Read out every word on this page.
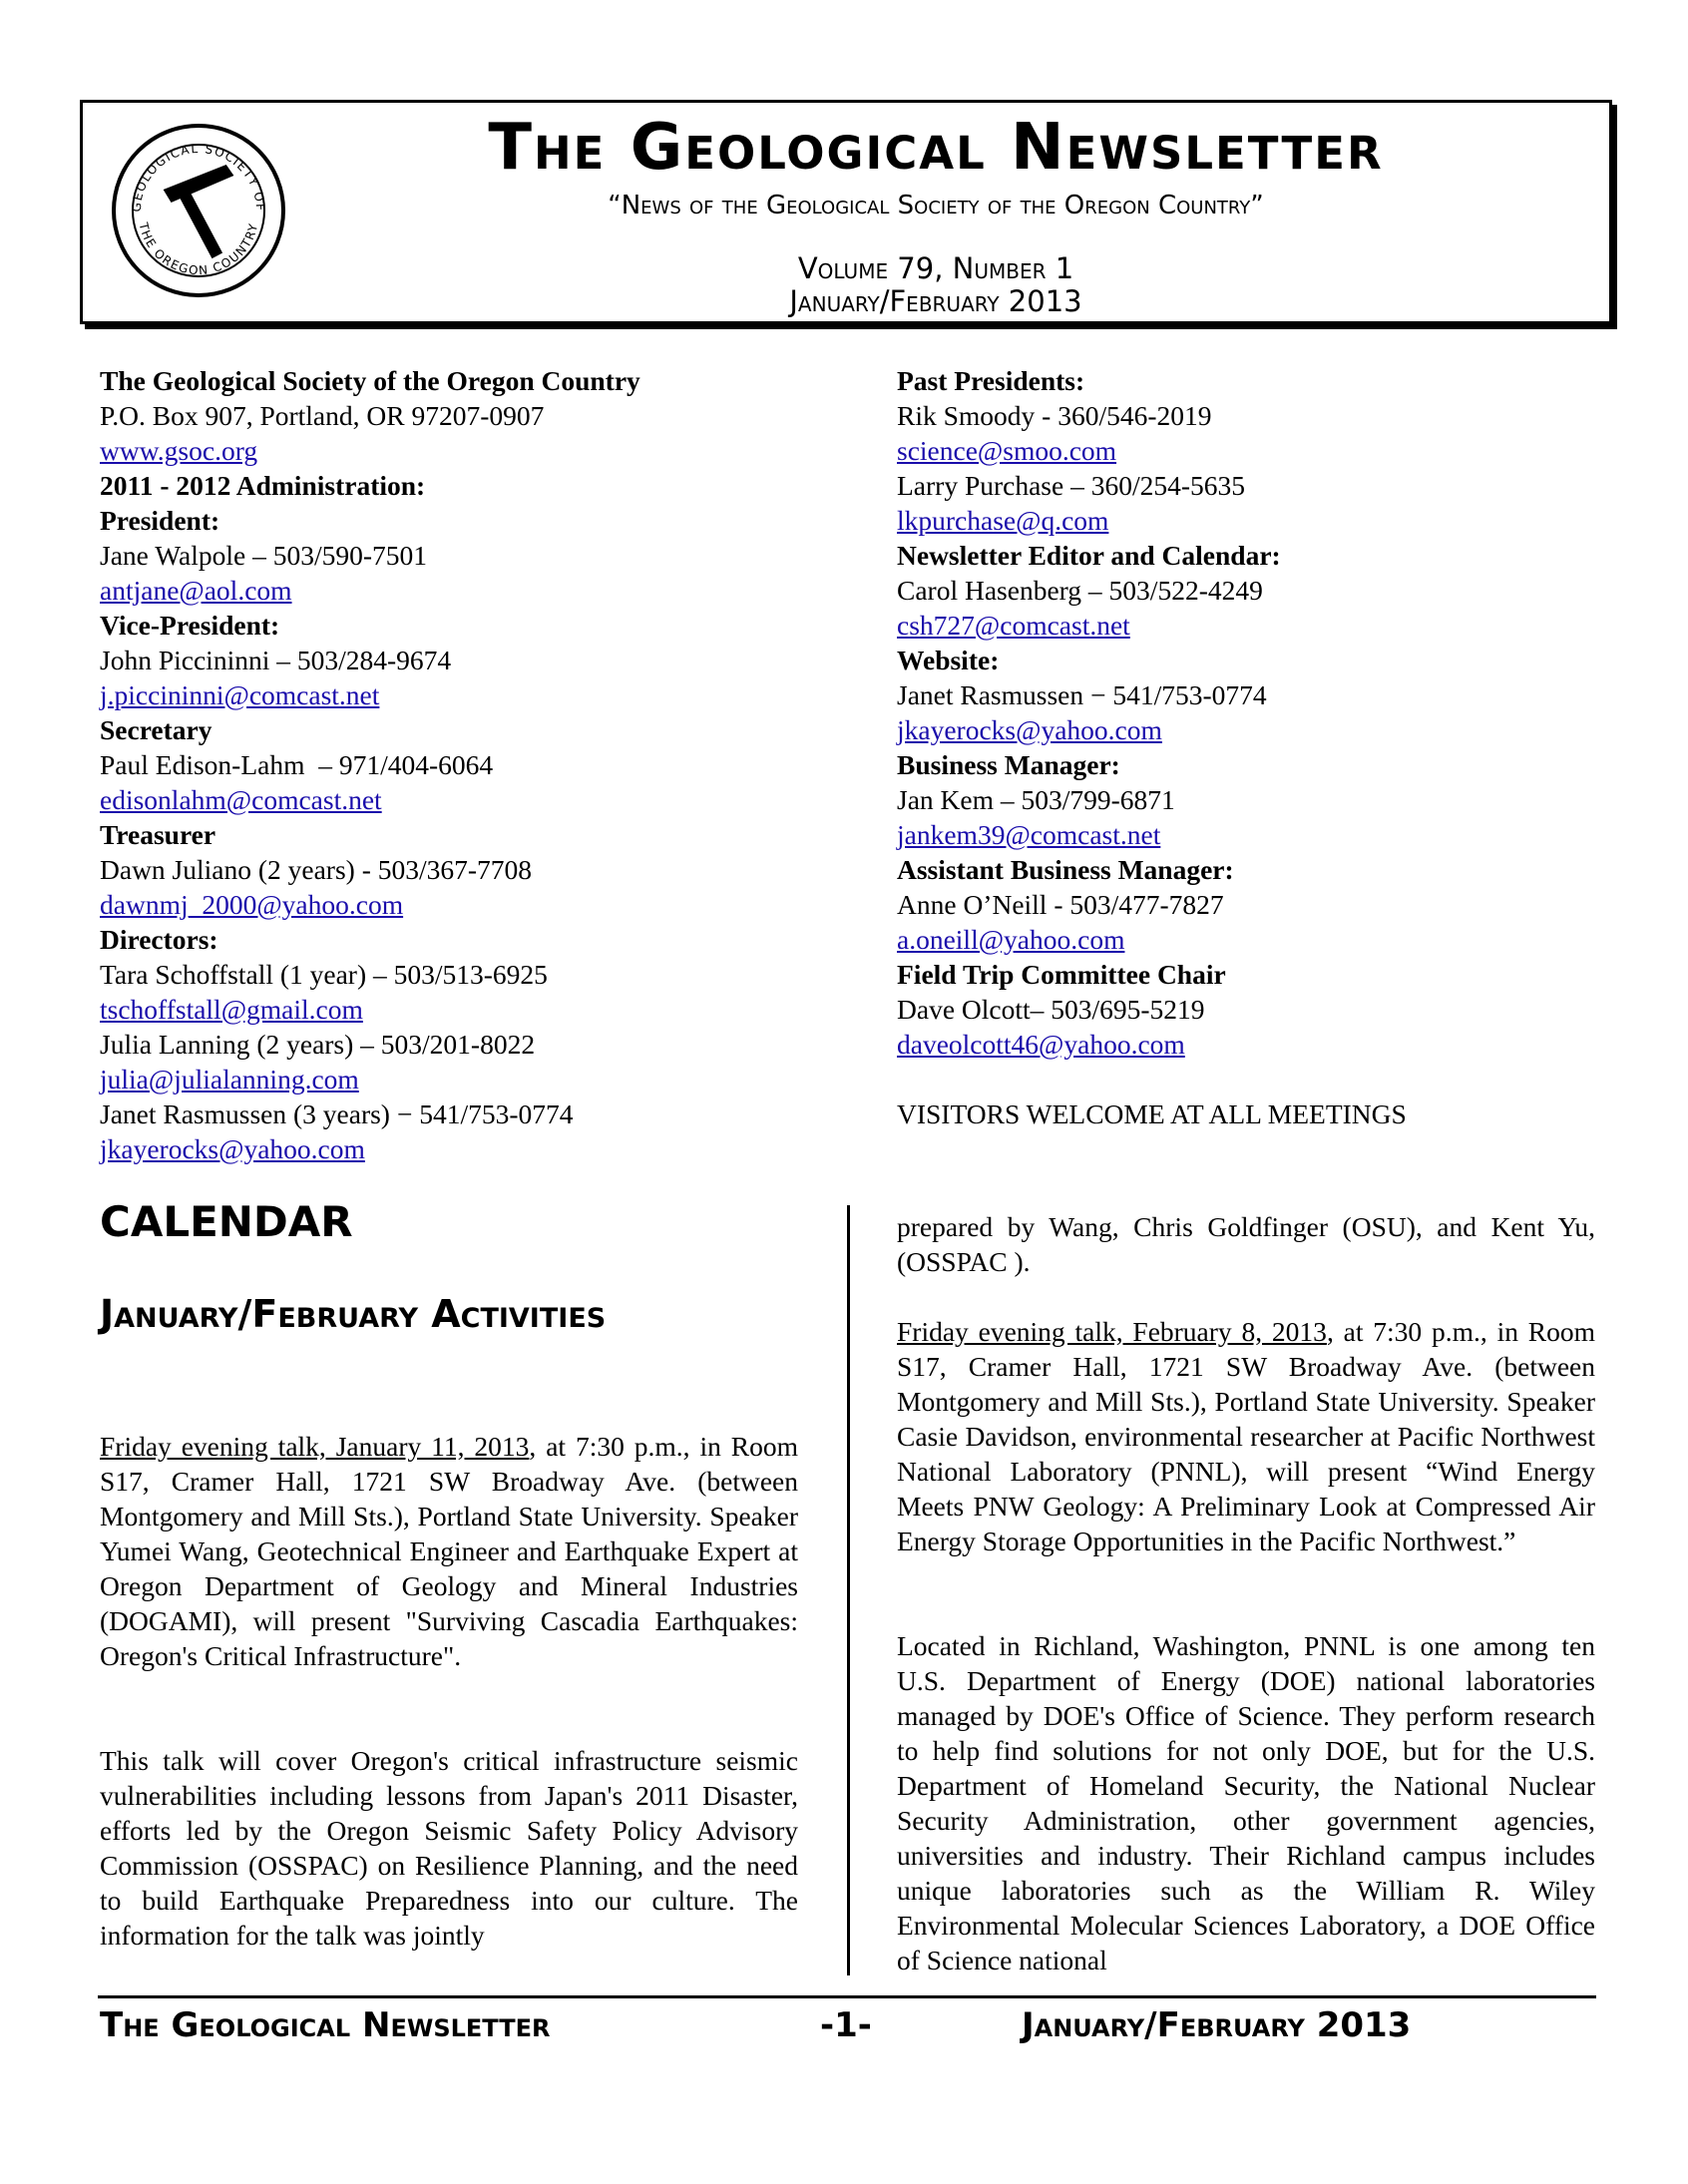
GEOLOGICAL SOCIETY OF
THE OREGON COUNTRY
The Geological Newsletter
“News of the Geological Society of the Oregon Country”
Volume 79, Number 1
January/February 2013
The Geological Society of the Oregon Country
P.O. Box 907, Portland, OR 97207-0907
www.gsoc.org
2011 - 2012 Administration:
President:
Jane Walpole – 503/590-7501
antjane@aol.com
Vice-President:
John Piccininni – 503/284-9674
j.piccininni@comcast.net
Secretary
Paul Edison-Lahm  – 971/404-6064
edisonlahm@comcast.net
Treasurer
Dawn Juliano (2 years) - 503/367-7708
dawnmj_2000@yahoo.com
Directors:
Tara Schoffstall (1 year) – 503/513-6925
tschoffstall@gmail.com
Julia Lanning (2 years) – 503/201-8022
julia@julialanning.com
Janet Rasmussen (3 years) − 541/753-0774
jkayerocks@yahoo.com
Past Presidents:
Rik Smoody - 360/546-2019
science@smoo.com
Larry Purchase – 360/254-5635
lkpurchase@q.com
Newsletter Editor and Calendar:
Carol Hasenberg – 503/522-4249
csh727@comcast.net
Website:
Janet Rasmussen − 541/753-0774
jkayerocks@yahoo.com
Business Manager:
Jan Kem – 503/799-6871
jankem39@comcast.net
Assistant Business Manager:
Anne O’Neill - 503/477-7827
a.oneill@yahoo.com
Field Trip Committee Chair
Dave Olcott– 503/695-5219
daveolcott46@yahoo.com
VISITORS WELCOME AT ALL MEETINGS
CALENDAR
January/February Activities

Friday evening talk, January 11, 2013, at 7:30 p.m., in Room S17, Cramer Hall, 1721 SW Broadway Ave. (between Montgomery and Mill Sts.), Portland State University. Speaker Yumei Wang, Geotechnical Engineer and Earthquake Expert at Oregon Department of Geology and Mineral Industries (DOGAMI), will present "Surviving Cascadia Earthquakes: Oregon's Critical Infrastructure".

This talk will cover Oregon's critical infrastructure seismic vulnerabilities including lessons from Japan's 2011 Disaster, efforts led by the Oregon Seismic Safety Policy Advisory Commission (OSSPAC) on Resilience Planning, and the need to build Earthquake Preparedness into our culture. The information for the talk was jointly

prepared by Wang, Chris Goldfinger (OSU), and Kent Yu, (OSSPAC ).

Friday evening talk, February 8, 2013, at 7:30 p.m., in Room S17, Cramer Hall, 1721 SW Broadway Ave. (between Montgomery and Mill Sts.), Portland State University. Speaker Casie Davidson, environmental researcher at Pacific Northwest National Laboratory (PNNL), will present “Wind Energy Meets PNW Geology: A Preliminary Look at Compressed Air Energy Storage Opportunities in the Pacific Northwest.”

Located in Richland, Washington, PNNL is one among ten U.S. Department of Energy (DOE) national laboratories managed by DOE's Office of Science. They perform research to help find solutions for not only DOE, but for the U.S. Department of Homeland Security, the National Nuclear Security Administration, other government agencies, universities and industry. Their Richland campus includes unique laboratories such as the William R. Wiley Environmental Molecular Sciences Laboratory, a DOE Office of Science national

The Geological Newsletter	-1-	January/February 2013
